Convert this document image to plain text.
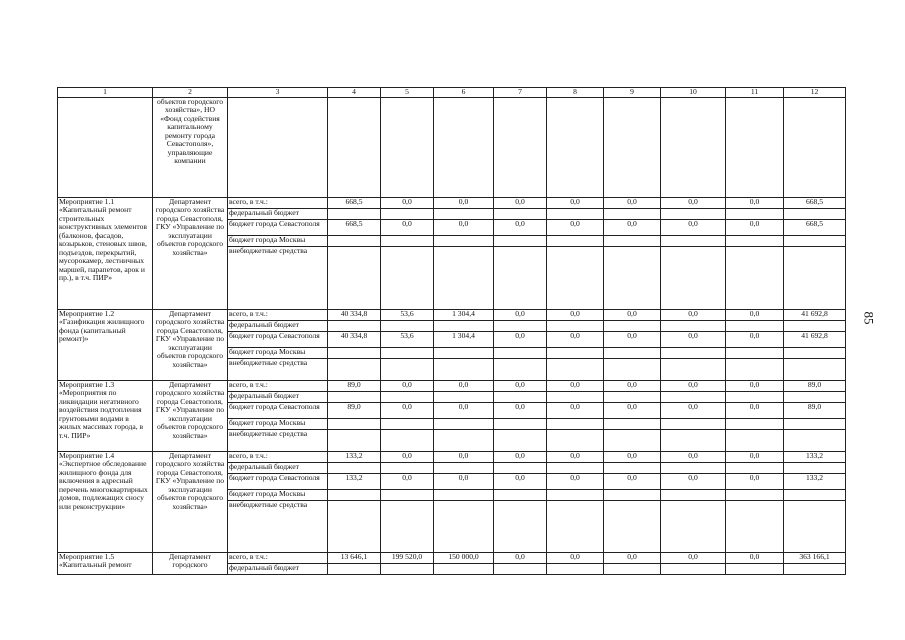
85
1	2	3	4	5	6	7	8	9	10	11	12
	объектов городского хозяйства», НО «Фонд содействия капитальному ремонту города Севастополя», управляющие компании										
Мероприятие 1.1 «Капитальный ремонт строительных конструктивных элементов (балконов, фасадов, козырьков, стеновых швов, подъездов, перекрытий, мусорокамер, лестничных маршей, парапетов, арок и пр.), в т.ч. ПИР»	Департамент городского хозяйства города Севастополя, ГКУ «Управление по эксплуатации объектов городского хозяйства»	всего, в т.ч.:	668,5	0,0	0,0	0,0	0,0	0,0	0,0	0,0	668,5
		федеральный бюджет									
		бюджет города Севастополя	668,5	0,0	0,0	0,0	0,0	0,0	0,0	0,0	668,5
		бюджет города Москвы									
		внебюджетные средства									
Мероприятие 1.2 «Газификация жилищного фонда (капитальный ремонт)»	Департамент городского хозяйства города Севастополя, ГКУ «Управление по эксплуатации объектов городского хозяйства»	всего, в т.ч.:	40 334,8	53,6	1 304,4	0,0	0,0	0,0	0,0	0,0	41 692,8
		федеральный бюджет									
		бюджет города Севастополя	40 334,8	53,6	1 304,4	0,0	0,0	0,0	0,0	0,0	41 692,8
		бюджет города Москвы									
		внебюджетные средства									
Мероприятие 1.3 «Мероприятия по ликвидации негативного воздействия подтопления грунтовыми водами в жилых массивах города, в т.ч. ПИР»	Департамент городского хозяйства города Севастополя, ГКУ «Управление по эксплуатации объектов городского хозяйства»	всего, в т.ч.:	89,0	0,0	0,0	0,0	0,0	0,0	0,0	0,0	89,0
		федеральный бюджет									
		бюджет города Севастополя	89,0	0,0	0,0	0,0	0,0	0,0	0,0	0,0	89,0
		бюджет города Москвы									
		внебюджетные средства									
Мероприятие 1.4 «Экспертное обследование жилищного фонда для включения в адресный перечень многоквартирных домов, подлежащих сносу или реконструкции»	Департамент городского хозяйства города Севастополя, ГКУ «Управление по эксплуатации объектов городского хозяйства»	всего, в т.ч.:	133,2	0,0	0,0	0,0	0,0	0,0	0,0	0,0	133,2
		федеральный бюджет									
		бюджет города Севастополя	133,2	0,0	0,0	0,0	0,0	0,0	0,0	0,0	133,2
		бюджет города Москвы									
		внебюджетные средства									
Мероприятие 1.5 «Капитальный ремонт	Департамент городского	всего, в т.ч.:	13 646,1	199 520,0	150 000,0	0,0	0,0	0,0	0,0	0,0	363 166,1
		федеральный бюджет									
